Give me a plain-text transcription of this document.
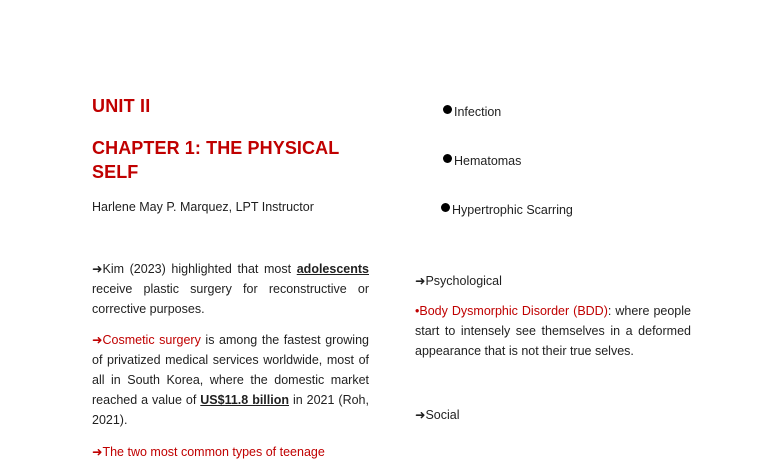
UNIT II
CHAPTER 1: THE PHYSICAL SELF

Harlene May P. Marquez, LPT Instructor

➜Kim (2023) highlighted that most adolescents receive plastic surgery for reconstructive or corrective purposes.

➜Cosmetic surgery is among the fastest growing of privatized medical services worldwide, most of all in South Korea, where the domestic market reached a value of US$11.8 billion in 2021 (Roh, 2021).

➜The two most common types of teenage

Infection
Hematomas
Hypertrophic Scarring

➜Psychological

•Body Dysmorphic Disorder (BDD): where people start to intensely see themselves in a deformed appearance that is not their true selves.

➜Social
